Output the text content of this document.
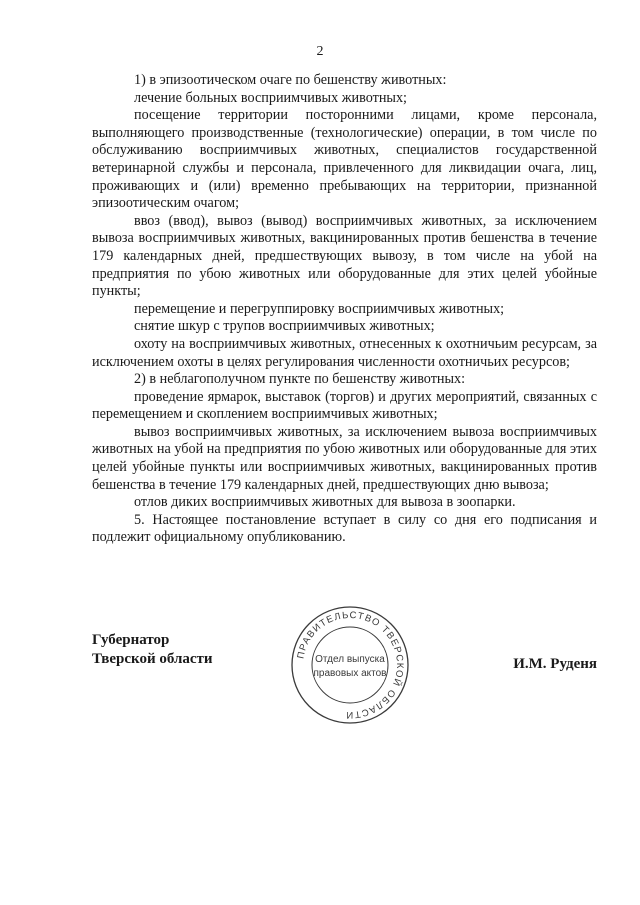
2

1) в эпизоотическом очаге по бешенству животных:

лечение больных восприимчивых животных;

посещение территории посторонними лицами, кроме персонала, выполняющего производственные (технологические) операции, в том числе по обслуживанию восприимчивых животных, специалистов государственной ветеринарной службы и персонала, привлеченного для ликвидации очага, лиц, проживающих и (или) временно пребывающих на территории, признанной эпизоотическим очагом;

ввоз (ввод), вывоз (вывод) восприимчивых животных, за исключением вывоза восприимчивых животных, вакцинированных против бешенства в течение 179 календарных дней, предшествующих вывозу, в том числе на убой на предприятия по убою животных или оборудованные для этих целей убойные пункты;

перемещение и перегруппировку восприимчивых животных;

снятие шкур с трупов восприимчивых животных;

охоту на восприимчивых животных, отнесенных к охотничьим ресурсам, за исключением охоты в целях регулирования численности охотничьих ресурсов;

2) в неблагополучном пункте по бешенству животных:

проведение ярмарок, выставок (торгов) и других мероприятий, связанных с перемещением и скоплением восприимчивых животных;

вывоз восприимчивых животных, за исключением вывоза восприимчивых животных на убой на предприятия по убою животных или оборудованные для этих целей убойные пункты или восприимчивых животных, вакцинированных против бешенства в течение 179 календарных дней, предшествующих дню вывоза;

отлов диких восприимчивых животных для вывоза в зоопарки.

5. Настоящее постановление вступает в силу со дня его подписания и подлежит официальному опубликованию.

Губернатор
Тверской области	ПРАВИТЕЛЬСТВО ТВЕРСКОЙ ОБЛАСТИ
Отдел выпуска
правовых актов
И.М. Руденя
